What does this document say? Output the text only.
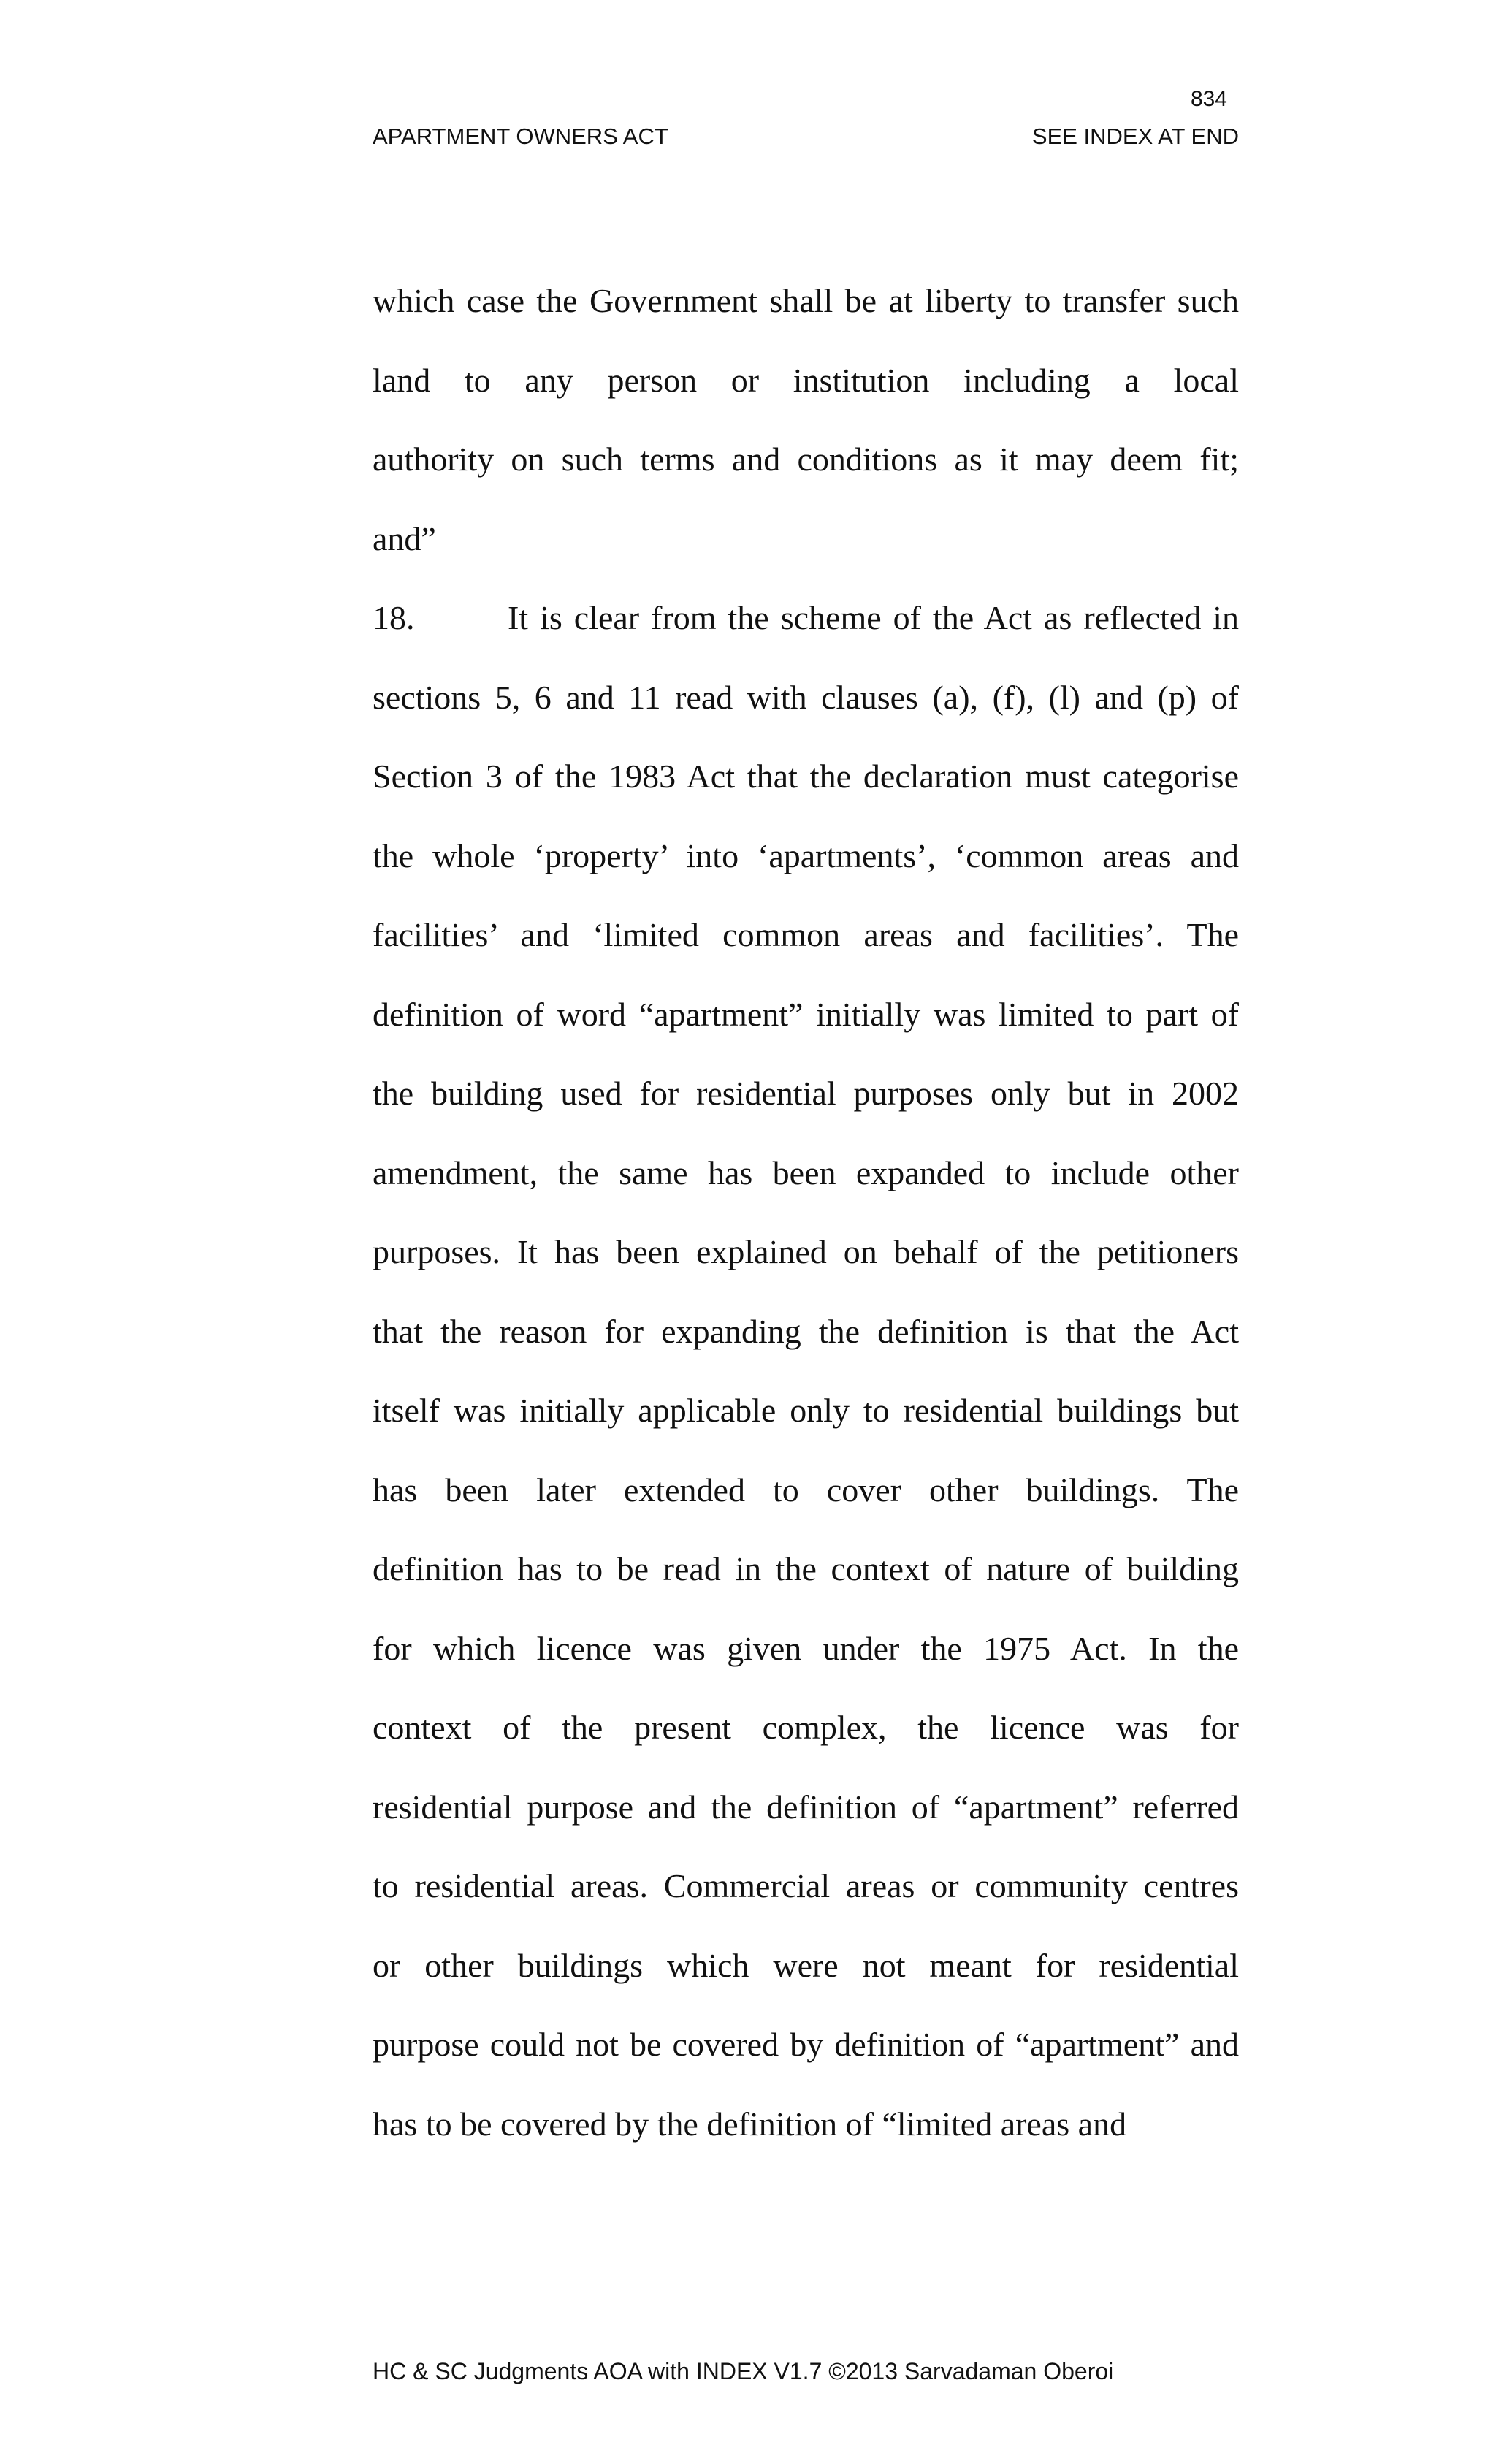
834
APARTMENT OWNERS ACT	SEE INDEX AT END
which case the Government shall be at liberty to transfer such
land to any person or institution including a local
authority on such terms and conditions as it may deem fit;
and”
18.	It is clear from the scheme of the Act as reflected in
sections 5, 6 and 11 read with clauses (a), (f), (l) and (p) of
Section 3 of the 1983 Act that the declaration must categorise
the whole ‘property’ into ‘apartments’, ‘common areas and
facilities’ and ‘limited common areas and facilities’. The
definition of word “apartment” initially was limited to part of
the building used for residential purposes only but in 2002
amendment, the same has been expanded to include other
purposes. It has been explained on behalf of the petitioners
that the reason for expanding the definition is that the Act
itself was initially applicable only to residential buildings but
has been later extended to cover other buildings. The
definition has to be read in the context of nature of building
for which licence was given under the 1975 Act. In the
context of the present complex, the licence was for
residential purpose and the definition of “apartment” referred
to residential areas. Commercial areas or community centres
or other buildings which were not meant for residential
purpose could not be covered by definition of “apartment” and
has to be covered by the definition of “limited areas and
HC & SC Judgments AOA with INDEX V1.7 ©2013 Sarvadaman Oberoi
